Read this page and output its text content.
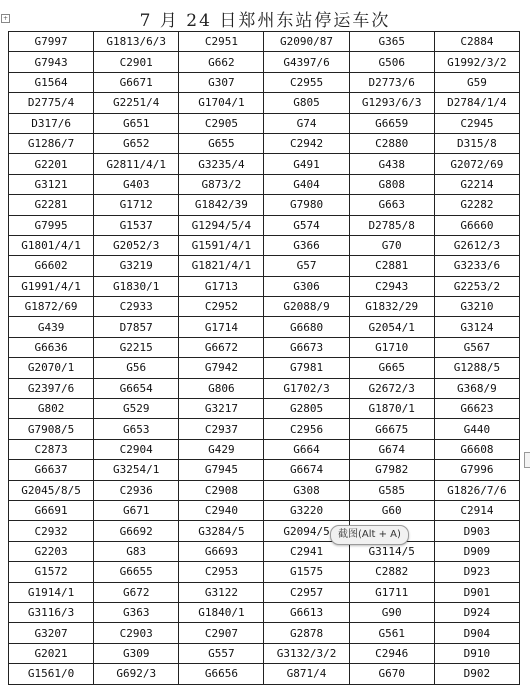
+	7 月 24 日郑州东站停运车次
G7997	G1813/6/3	C2951	G2090/87	G365	C2884
G7943	C2901	G662	G4397/6	G506	G1992/3/2
G1564	G6671	G307	C2955	D2773/6	G59
D2775/4	G2251/4	G1704/1	G805	G1293/6/3	D2784/1/4
D317/6	G651	C2905	G74	G6659	C2945
G1286/7	G652	G655	C2942	C2880	D315/8
G2201	G2811/4/1	G3235/4	G491	G438	G2072/69
G3121	G403	G873/2	G404	G808	G2214
G2281	G1712	G1842/39	G7980	G663	G2282
G7995	G1537	G1294/5/4	G574	D2785/8	G6660
G1801/4/1	G2052/3	G1591/4/1	G366	G70	G2612/3
G6602	G3219	G1821/4/1	G57	C2881	G3233/6
G1991/4/1	G1830/1	G1713	G306	C2943	G2253/2
G1872/69	C2933	C2952	G2088/9	G1832/29	G3210
G439	D7857	G1714	G6680	G2054/1	G3124
G6636	G2215	G6672	G6673	G1710	G567
G2070/1	G56	G7942	G7981	G665	G1288/5
G2397/6	G6654	G806	G1702/3	G2672/3	G368/9
G802	G529	G3217	G2805	G1870/1	G6623
G7908/5	G653	C2937	C2956	G6675	G440
C2873	C2904	G429	G664	G674	G6608
G6637	G3254/1	G7945	G6674	G7982	G7996
G2045/8/5	C2936	C2908	G308	G585	G1826/7/6
G6691	G671	C2940	G3220	G60	C2914
C2932	G6692	G3284/5	G2094/5		D903
G2203	G83	G6693	C2941	G3114/5	D909
G1572	G6655	C2953	G1575	C2882	D923
G1914/1	G672	G3122	C2957	G1711	D901
G3116/3	G363	G1840/1	G6613	G90	D924
G3207	C2903	C2907	G2878	G561	D904
G2021	G309	G557	G3132/3/2	C2946	D910
G1561/0	G692/3	G6656	G871/4	G670	D902
截图(Alt + A)
